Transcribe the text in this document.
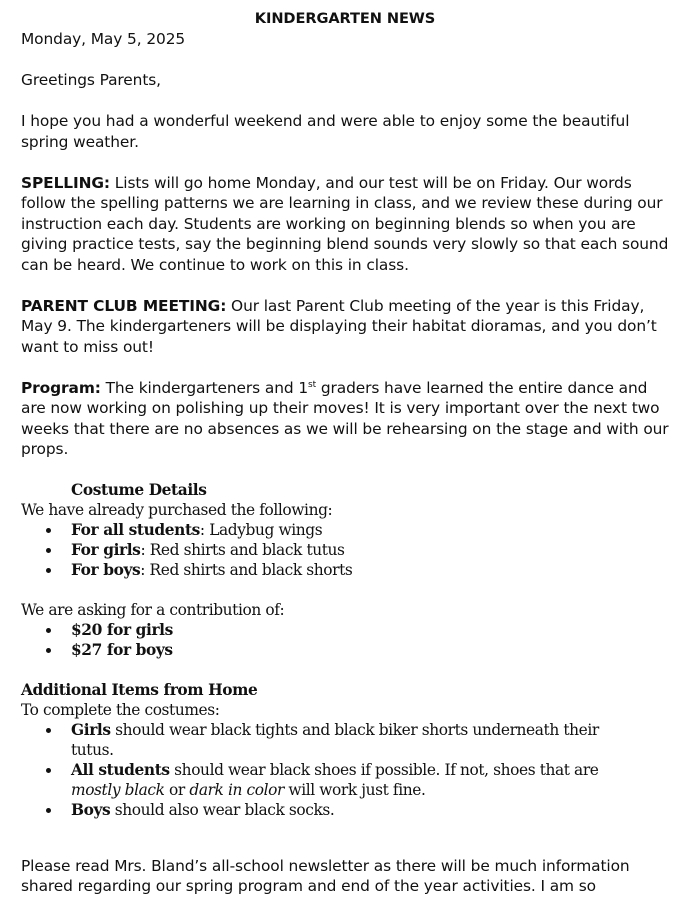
KINDERGARTEN NEWS

Monday, May 5, 2025

Greetings Parents,

I hope you had a wonderful weekend and were able to enjoy some the beautiful spring weather.

SPELLING: Lists will go home Monday, and our test will be on Friday. Our words follow the spelling patterns we are learning in class, and we review these during our instruction each day. Students are working on beginning blends so when you are giving practice tests, say the beginning blend sounds very slowly so that each sound can be heard. We continue to work on this in class.

PARENT CLUB MEETING: Our last Parent Club meeting of the year is this Friday, May 9. The kindergarteners will be displaying their habitat dioramas, and you don’t want to miss out!

Program: The kindergarteners and 1st graders have learned the entire dance and are now working on polishing up their moves! It is very important over the next two weeks that there are no absences as we will be rehearsing on the stage and with our props.

Costume Details

We have already purchased the following:

For all students: Ladybug wings
For girls: Red shirts and black tutus
For boys: Red shirts and black shorts

We are asking for a contribution of:

$20 for girls
$27 for boys

Additional Items from Home

To complete the costumes:

Girls should wear black tights and black biker shorts underneath their tutus.
All students should wear black shoes if possible. If not, shoes that are mostly black or dark in color will work just fine.
Boys should also wear black socks.

Please read Mrs. Bland’s all-school newsletter as there will be much information shared regarding our spring program and end of the year activities. I am so
